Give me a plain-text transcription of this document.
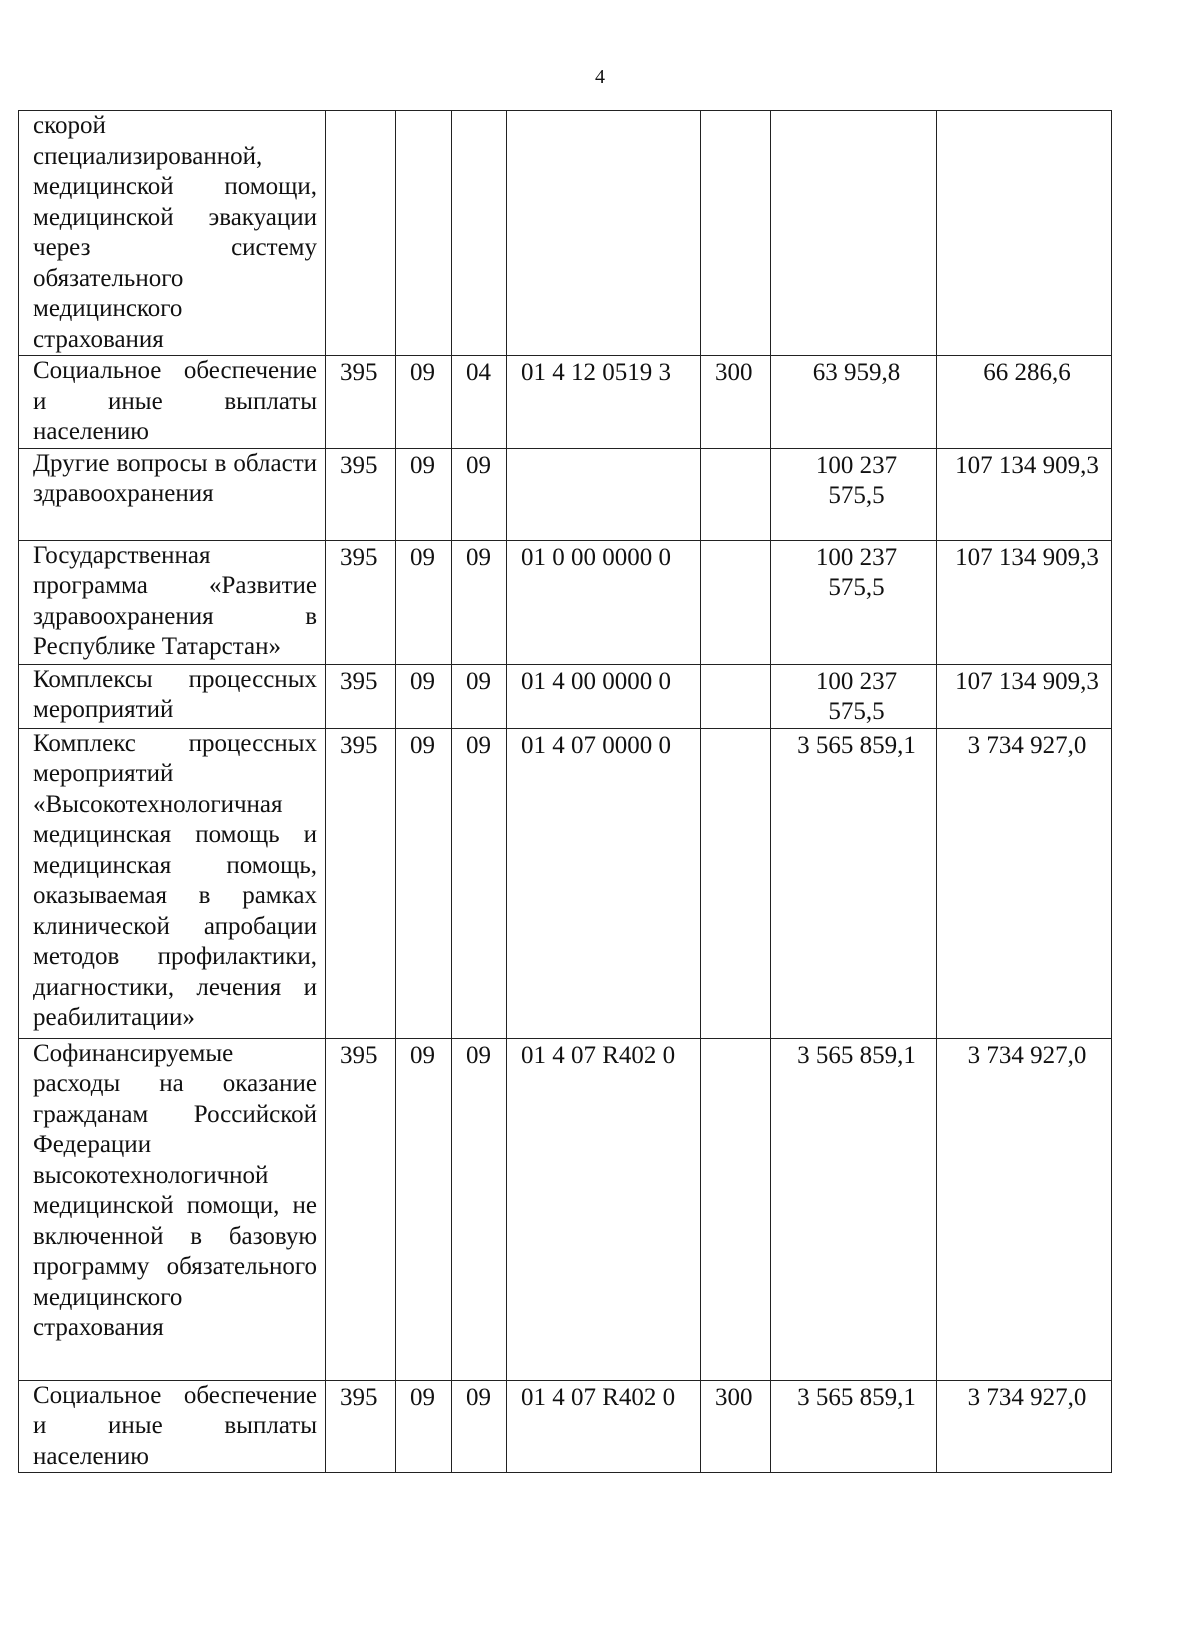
4
скорой специализированной, медицинской помощи, медицинской эвакуации через систему обязательного медицинского страхования							
Социальное обеспечение и иные выплаты населению	395	09	04	01 4 12 0519 3	300	63 959,8	66 286,6
Другие вопросы в области здравоохранения	395	09	09			100 237 575,5	107 134 909,3
Государственная программа «Развитие здравоохранения в Республике Татарстан»	395	09	09	01 0 00 0000 0		100 237 575,5	107 134 909,3
Комплексы процессных мероприятий	395	09	09	01 4 00 0000 0		100 237 575,5	107 134 909,3
Комплекс процессных мероприятий «Высокотехнологичная медицинская помощь и медицинская помощь, оказываемая в рамках клинической апробации методов профилактики, диагностики, лечения и реабилитации»	395	09	09	01 4 07 0000 0		3 565 859,1	3 734 927,0
Софинансируемые расходы на оказание гражданам Российской Федерации высокотехнологичной медицинской помощи, не включенной в базовую программу обязательного медицинского страхования	395	09	09	01 4 07 R402 0		3 565 859,1	3 734 927,0
Социальное обеспечение и иные выплаты населению	395	09	09	01 4 07 R402 0	300	3 565 859,1	3 734 927,0
